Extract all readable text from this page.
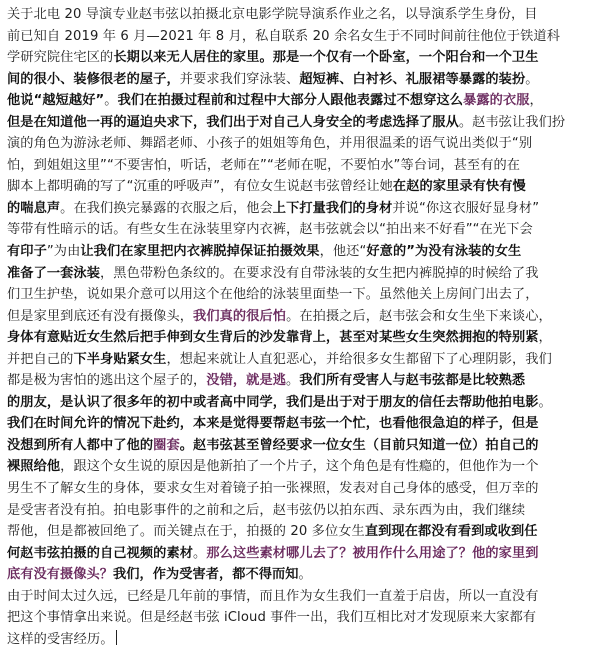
关于北电 20 导演专业赵韦弦以拍摄北京电影学院导演系作业之名，以导演系学生身份，目
前已知自 2019 年 6 月—2021 年 8 月，私自联系 20 余名女生于不同时间前往他位于铁道科
学研究院住宅区的长期以来无人居住的家里。那是一个仅有一个卧室，一个阳台和一个卫生
间的很小、装修很老的屋子，并要求我们穿泳装、超短裤、白衬衫、礼服裙等暴露的装扮。
他说“越短越好”。我们在拍摄过程前和过程中大部分人跟他表露过不想穿这么暴露的衣服，
但是在知道他一再的逼迫央求下，我们出于对自己人身安全的考虑选择了服从。赵韦弦让我们扮
演的角色为游泳老师、舞蹈老师、小孩子的姐姐等角色，并用很温柔的语气说出类似于“别
怕，到姐姐这里”“不要害怕，听话，老师在”“老师在呢，不要怕水”等台词，甚至有的在
脚本上都明确的写了“沉重的呼吸声”，有位女生说赵韦弦曾经让她在赵的家里录有快有慢
的喘息声。在我们换完暴露的衣服之后，他会上下打量我们的身材并说“你这衣服好显身材”
等带有性暗示的话。有些女生在泳装里穿内衣裤，赵韦弦就会以“拍出来不好看”“在光下会
有印子”为由让我们在家里把内衣裤脱掉保证拍摄效果，他还“好意的”为没有泳装的女生
准备了一套泳装，黑色带粉色条纹的。在要求没有自带泳装的女生把内裤脱掉的时候给了我
们卫生护垫，说如果介意可以用这个在他给的泳装里面垫一下。虽然他关上房间门出去了，
但是家里到底还有没有摄像头，我们真的很后怕。在拍摄之后，赵韦弦会和女生坐下来谈心，
身体有意贴近女生然后把手伸到女生背后的沙发靠背上，甚至对某些女生突然拥抱的特别紧，
并把自己的下半身贴紧女生，想起来就让人直犯恶心，并给很多女生都留下了心理阴影，我们
都是极为害怕的逃出这个屋子的，没错，就是逃。我们所有受害人与赵韦弦都是比较熟悉
的朋友，是认识了很多年的初中或者高中同学，我们是出于对于朋友的信任去帮助他拍电影。
我们在时间允许的情况下赴约，本来是觉得要帮赵韦弦一个忙，也看他很急迫的样子，但是
没想到所有人都中了他的圈套。赵韦弦甚至曾经要求一位女生（目前只知道一位）拍自己的
裸照给他，跟这个女生说的原因是他新拍了一个片子，这个角色是有性瘾的，但他作为一个
男生不了解女生的身体，要求女生对着镜子拍一张裸照，发表对自己身体的感受，但万幸的
是受害者没有拍。拍电影事件的之前和之后，赵韦弦仍以拍东西、录东西为由，我们继续
帮他，但是都被回绝了。而关键点在于，拍摄的 20 多位女生直到现在都没有看到或收到任
何赵韦弦拍摄的自己视频的素材。那么这些素材哪儿去了？被用作什么用途了？他的家里到
底有没有摄像头？我们，作为受害者，都不得而知。
由于时间太过久远，已经是几年前的事情，而且作为女生我们一直羞于启齿，所以一直没有
把这个事情拿出来说。但是经赵韦弦 iCloud 事件一出，我们互相比对才发现原来大家都有
这样的受害经历。
